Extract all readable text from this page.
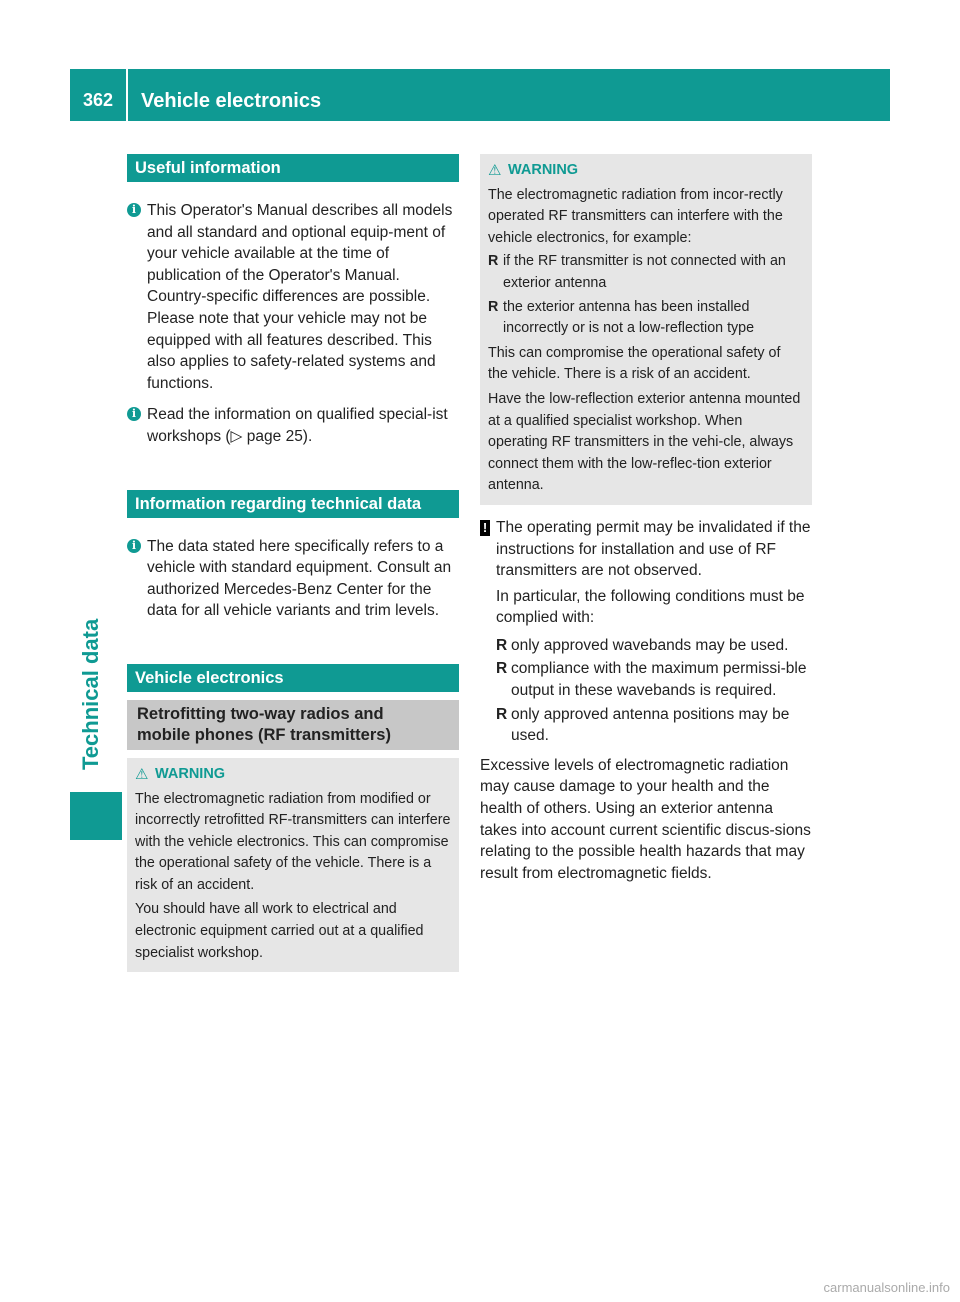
362	Vehicle electronics
Technical data
Useful information
i This Operator's Manual describes all models and all standard and optional equip-ment of your vehicle available at the time of publication of the Operator's Manual. Country-specific differences are possible. Please note that your vehicle may not be equipped with all features described. This also applies to safety-related systems and functions.
i Read the information on qualified special-ist workshops (▷ page 25).
Information regarding technical data
i The data stated here specifically refers to a vehicle with standard equipment. Consult an authorized Mercedes-Benz Center for the data for all vehicle variants and trim levels.
Vehicle electronics
Retrofitting two-way radios and
mobile phones (RF transmitters)
⚠ WARNING

The electromagnetic radiation from modified or incorrectly retrofitted RF-transmitters can interfere with the vehicle electronics. This can compromise the operational safety of the vehicle. There is a risk of an accident.

You should have all work to electrical and electronic equipment carried out at a qualified specialist workshop.

⚠ WARNING

The electromagnetic radiation from incor-rectly operated RF transmitters can interfere with the vehicle electronics, for example:

R if the RF transmitter is not connected with an exterior antenna
R the exterior antenna has been installed incorrectly or is not a low-reflection type

This can compromise the operational safety of the vehicle. There is a risk of an accident.

Have the low-reflection exterior antenna mounted at a qualified specialist workshop. When operating RF transmitters in the vehi-cle, always connect them with the low-reflec-tion exterior antenna.

! The operating permit may be invalidated if the instructions for installation and use of RF transmitters are not observed.
In particular, the following conditions must be complied with:
R only approved wavebands may be used.
R compliance with the maximum permissi-ble output in these wavebands is required.
R only approved antenna positions may be used.

Excessive levels of electromagnetic radiation may cause damage to your health and the health of others. Using an exterior antenna takes into account current scientific discus-sions relating to the possible health hazards that may result from electromagnetic fields.

carmanualsonline.info
